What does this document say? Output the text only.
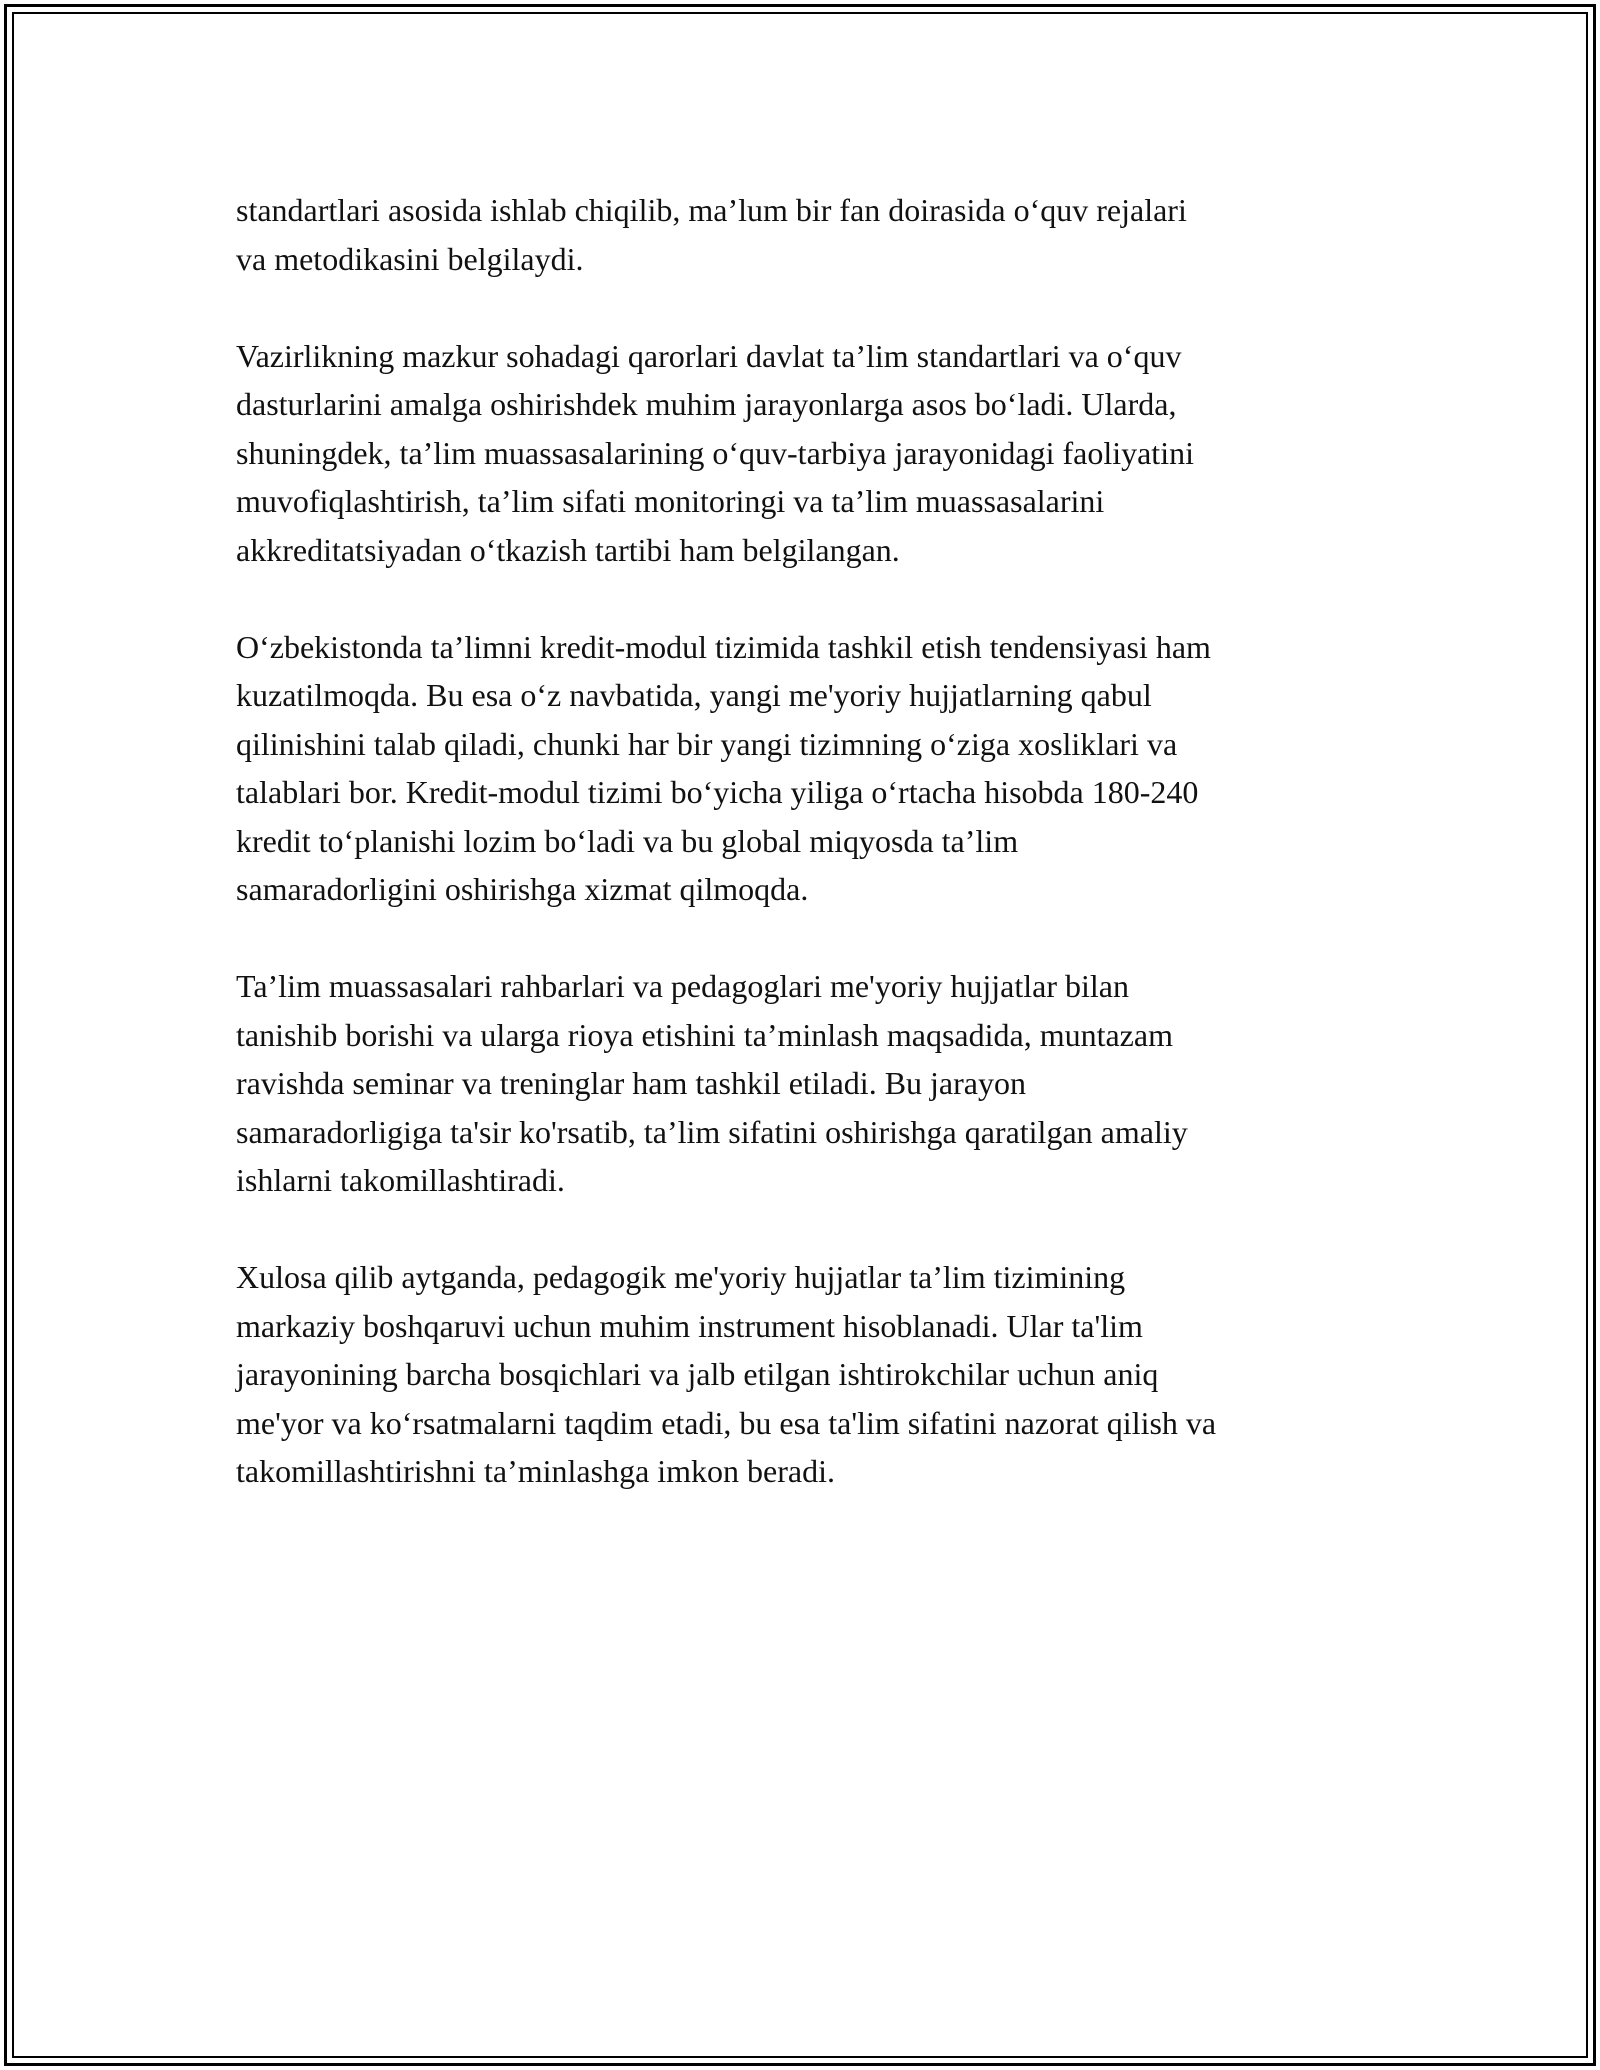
standartlari asosida ishlab chiqilib, ma’lum bir fan doirasida o‘quv rejalari
va metodikasini belgilaydi.

Vazirlikning mazkur sohadagi qarorlari davlat ta’lim standartlari va o‘quv
dasturlarini amalga oshirishdek muhim jarayonlarga asos bo‘ladi. Ularda,
shuningdek, ta’lim muassasalarining o‘quv-tarbiya jarayonidagi faoliyatini
muvofiqlashtirish, ta’lim sifati monitoringi va ta’lim muassasalarini
akkreditatsiyadan o‘tkazish tartibi ham belgilangan.

O‘zbekistonda ta’limni kredit-modul tizimida tashkil etish tendensiyasi ham
kuzatilmoqda. Bu esa o‘z navbatida, yangi me'yoriy hujjatlarning qabul
qilinishini talab qiladi, chunki har bir yangi tizimning o‘ziga xosliklari va
talablari bor. Kredit-modul tizimi bo‘yicha yiliga o‘rtacha hisobda 180-240
kredit to‘planishi lozim bo‘ladi va bu global miqyosda ta’lim
samaradorligini oshirishga xizmat qilmoqda.

Ta’lim muassasalari rahbarlari va pedagoglari me'yoriy hujjatlar bilan
tanishib borishi va ularga rioya etishini ta’minlash maqsadida, muntazam
ravishda seminar va treninglar ham tashkil etiladi. Bu jarayon
samaradorligiga ta'sir ko'rsatib, ta’lim sifatini oshirishga qaratilgan amaliy
ishlarni takomillashtiradi.

Xulosa qilib aytganda, pedagogik me'yoriy hujjatlar ta’lim tizimining
markaziy boshqaruvi uchun muhim instrument hisoblanadi. Ular ta'lim
jarayonining barcha bosqichlari va jalb etilgan ishtirokchilar uchun aniq
me'yor va ko‘rsatmalarni taqdim etadi, bu esa ta'lim sifatini nazorat qilish va
takomillashtirishni ta’minlashga imkon beradi.
